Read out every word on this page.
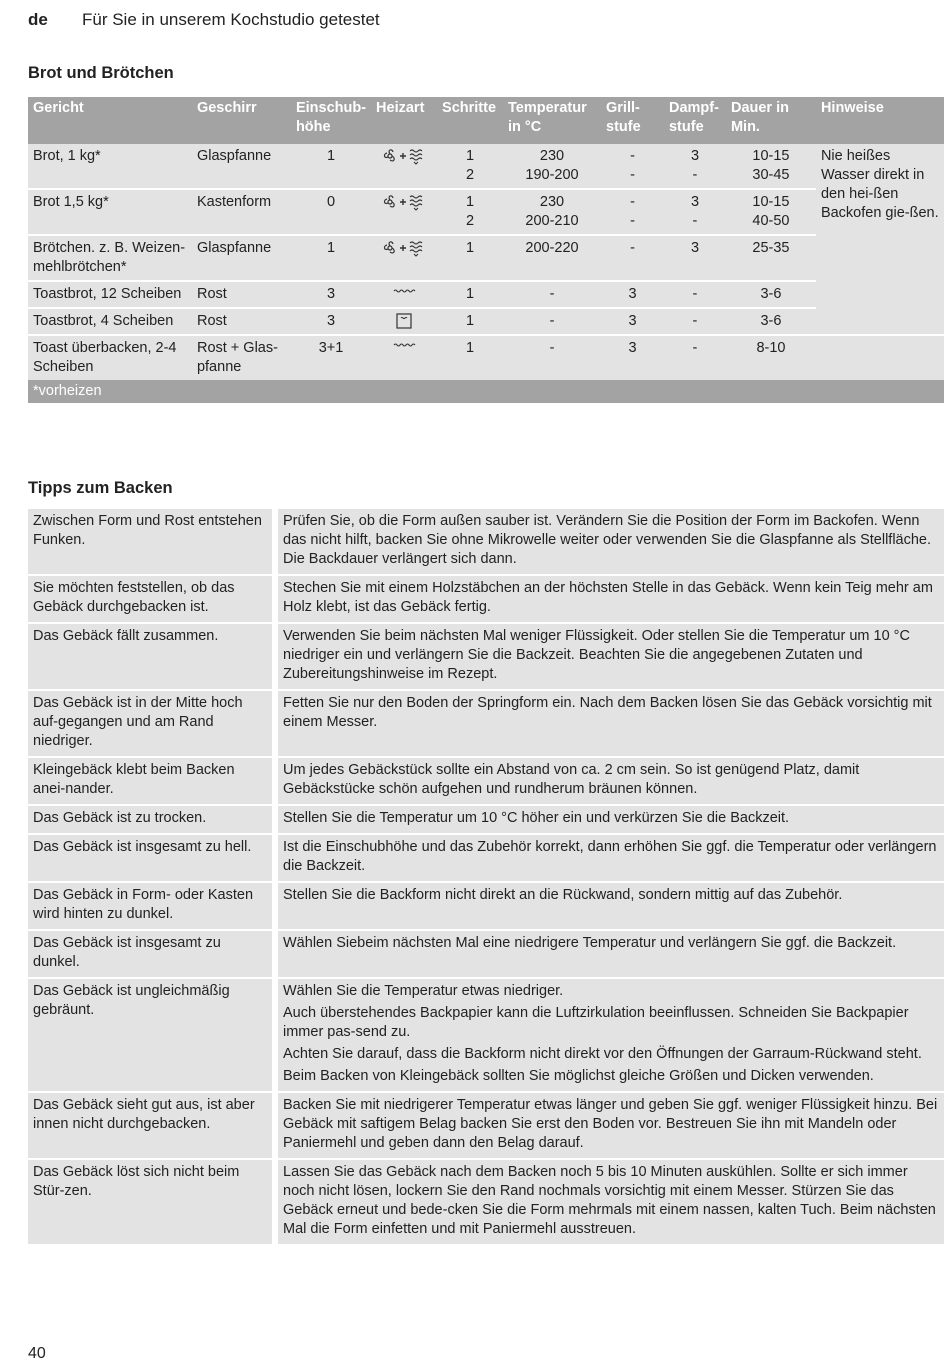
de Für Sie in unserem Kochstudio getestet
Brot und Brötchen
Gericht	Geschirr	Einschub-höhe	Heizart	Schritte	Temperatur in °C	Grill-stufe	Dampf-stufe	Dauer in Min.	Hinweise
Brot, 1 kg*	Glaspfanne	1		1	230	-	3	10-15	Nie heißes Wasser direkt in den hei-ßen Backofen gie-ßen.
				2	190-200	-	-	30-45	
Brot 1,5 kg*	Kastenform	0		1	230	-	3	10-15	
				2	200-210	-	-	40-50	
Brötchen. z. B. Weizen-mehlbrötchen*	Glaspfanne	1		1	200-220	-	3	25-35	
Toastbrot, 12 Scheiben	Rost	3		1	-	3	-	3-6	
Toastbrot, 4 Scheiben	Rost	3		1	-	3	-	3-6	
Toast überbacken, 2-4 Scheiben	Rost + Glas-pfanne	3+1		1	-	3	-	8-10	
*vorheizen									
Tipps zum Backen
Zwischen Form und Rost entstehen Funken.	Prüfen Sie, ob die Form außen sauber ist. Verändern Sie die Position der Form im Backofen. Wenn das nicht hilft, backen Sie ohne Mikrowelle weiter oder verwenden Sie die Glaspfanne als Stellfläche. Die Backdauer verlängert sich dann.

Sie möchten feststellen, ob das Gebäck durchgebacken ist.	Stechen Sie mit einem Holzstäbchen an der höchsten Stelle in das Gebäck. Wenn kein Teig mehr am Holz klebt, ist das Gebäck fertig.

Das Gebäck fällt zusammen.	Verwenden Sie beim nächsten Mal weniger Flüssigkeit. Oder stellen Sie die Temperatur um 10 °C niedriger ein und verlängern Sie die Backzeit. Beachten Sie die angegebenen Zutaten und Zubereitungshinweise im Rezept.

Das Gebäck ist in der Mitte hoch auf-gegangen und am Rand niedriger.	Fetten Sie nur den Boden der Springform ein. Nach dem Backen lösen Sie das Gebäck vorsichtig mit einem Messer.

Kleingebäck klebt beim Backen anei-nander.	Um jedes Gebäckstück sollte ein Abstand von ca. 2 cm sein. So ist genügend Platz, damit Gebäckstücke schön aufgehen und rundherum bräunen können.

Das Gebäck ist zu trocken.	Stellen Sie die Temperatur um 10 °C höher ein und verkürzen Sie die Backzeit.

Das Gebäck ist insgesamt zu hell.	Ist die Einschubhöhe und das Zubehör korrekt, dann erhöhen Sie ggf. die Temperatur oder verlängern die Backzeit.

Das Gebäck in Form- oder Kasten wird hinten zu dunkel.	Stellen Sie die Backform nicht direkt an die Rückwand, sondern mittig auf das Zubehör.

Das Gebäck ist insgesamt zu dunkel.	Wählen Siebeim nächsten Mal eine niedrigere Temperatur und verlängern Sie ggf. die Backzeit.

Das Gebäck ist ungleichmäßig gebräunt.	Wählen Sie die Temperatur etwas niedriger.
Auch überstehendes Backpapier kann die Luftzirkulation beeinflussen. Schneiden Sie Backpapier immer pas-send zu.
Achten Sie darauf, dass die Backform nicht direkt vor den Öffnungen der Garraum-Rückwand steht.
Beim Backen von Kleingebäck sollten Sie möglichst gleiche Größen und Dicken verwenden.

Das Gebäck sieht gut aus, ist aber innen nicht durchgebacken.	Backen Sie mit niedrigerer Temperatur etwas länger und geben Sie ggf. weniger Flüssigkeit hinzu. Bei Gebäck mit saftigem Belag backen Sie erst den Boden vor. Bestreuen Sie ihn mit Mandeln oder Paniermehl und geben dann den Belag darauf.

Das Gebäck löst sich nicht beim Stür-zen.	Lassen Sie das Gebäck nach dem Backen noch 5 bis 10 Minuten auskühlen. Sollte er sich immer noch nicht lösen, lockern Sie den Rand nochmals vorsichtig mit einem Messer. Stürzen Sie das Gebäck erneut und bede-cken Sie die Form mehrmals mit einem nassen, kalten Tuch. Beim nächsten Mal die Form einfetten und mit Paniermehl ausstreuen.
40
